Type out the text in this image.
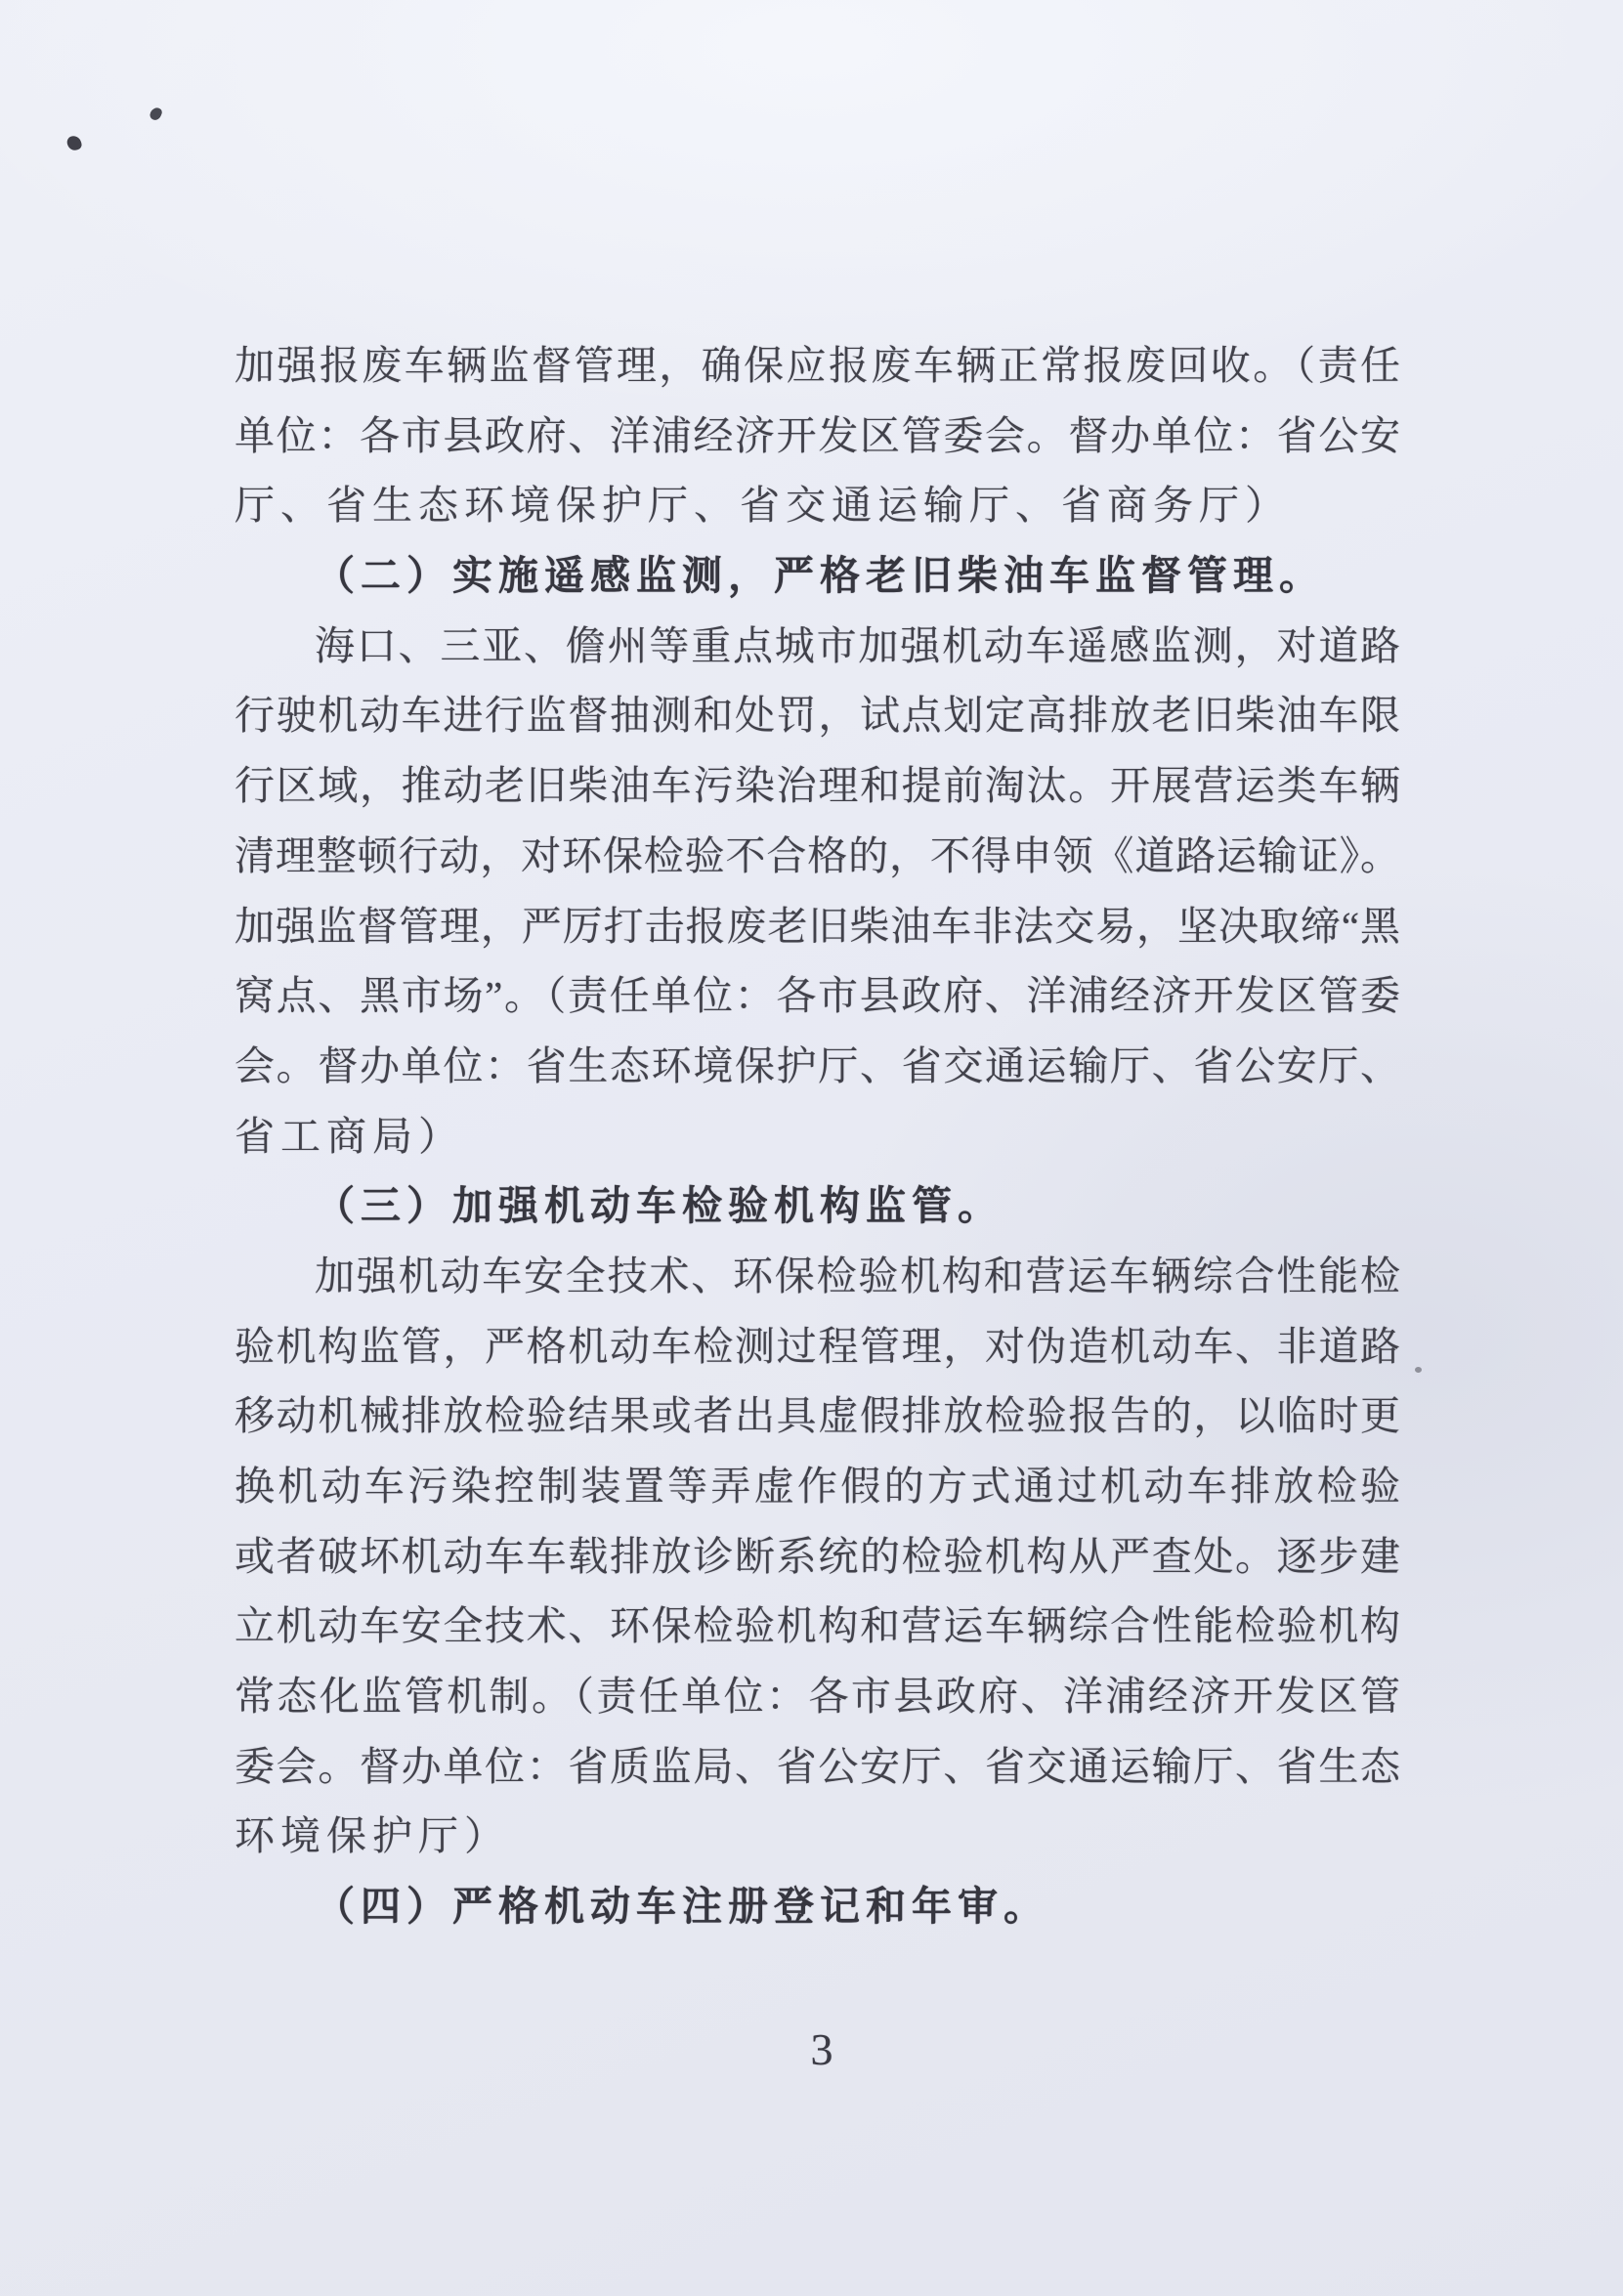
加强报废车辆监督管理，确保应报废车辆正常报废回收。（责任

单位：各市县政府、洋浦经济开发区管委会。督办单位：省公安

厅、省生态环境保护厅、省交通运输厅、省商务厅）

（二）实施遥感监测，严格老旧柴油车监督管理。

海口、三亚、儋州等重点城市加强机动车遥感监测，对道路

行驶机动车进行监督抽测和处罚，试点划定高排放老旧柴油车限

行区域，推动老旧柴油车污染治理和提前淘汰。开展营运类车辆

清理整顿行动，对环保检验不合格的，不得申领《道路运输证》。

加强监督管理，严厉打击报废老旧柴油车非法交易，坚决取缔“黑

窝点、黑市场”。（责任单位：各市县政府、洋浦经济开发区管委

会。督办单位：省生态环境保护厅、省交通运输厅、省公安厅、

省工商局）

（三）加强机动车检验机构监管。

加强机动车安全技术、环保检验机构和营运车辆综合性能检

验机构监管，严格机动车检测过程管理，对伪造机动车、非道路

移动机械排放检验结果或者出具虚假排放检验报告的，以临时更

换机动车污染控制装置等弄虚作假的方式通过机动车排放检验

或者破坏机动车车载排放诊断系统的检验机构从严查处。逐步建

立机动车安全技术、环保检验机构和营运车辆综合性能检验机构

常态化监管机制。（责任单位：各市县政府、洋浦经济开发区管

委会。督办单位：省质监局、省公安厅、省交通运输厅、省生态

环境保护厅）

（四）严格机动车注册登记和年审。

3
